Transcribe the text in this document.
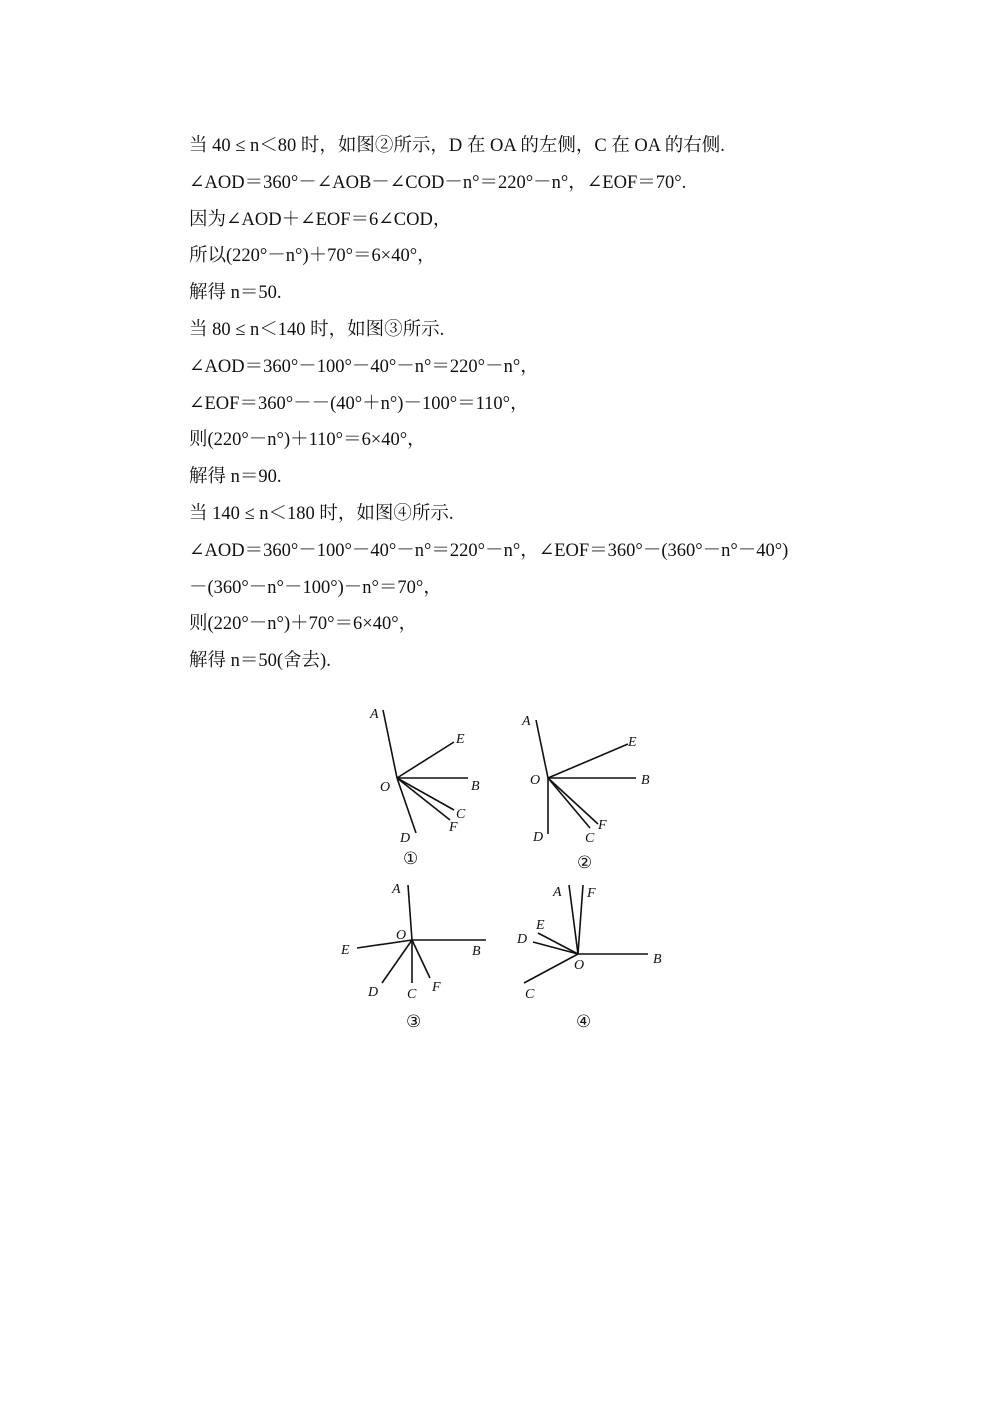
当 40 ≤ n＜80 时，如图②所示，D 在 OA 的左侧，C 在 OA 的右侧.
∠AOD＝360°－∠AOB－∠COD－n°＝220°－n°，∠EOF＝70°.
因为∠AOD＋∠EOF＝6∠COD，
所以(220°－n°)＋70°＝6×40°，
解得 n＝50.
当 80 ≤ n＜140 时，如图③所示.
∠AOD＝360°－100°－40°－n°＝220°－n°，
∠EOF＝360°－－(40°＋n°)－100°＝110°，
则(220°－n°)＋110°＝6×40°，
解得 n＝90.
当 140 ≤ n＜180 时，如图④所示.
∠AOD＝360°－100°－40°－n°＝220°－n°，∠EOF＝360°－(360°－n°－40°)
－(360°－n°－100°)－n°＝70°，
则(220°－n°)＋70°＝6×40°，
解得 n＝50(舍去).
A
E
O	B
C
F
D
①
A
E
O	B
F
C
D
②
A
O
E	B
D C F
③
A F
E
D
O	B
C
④
